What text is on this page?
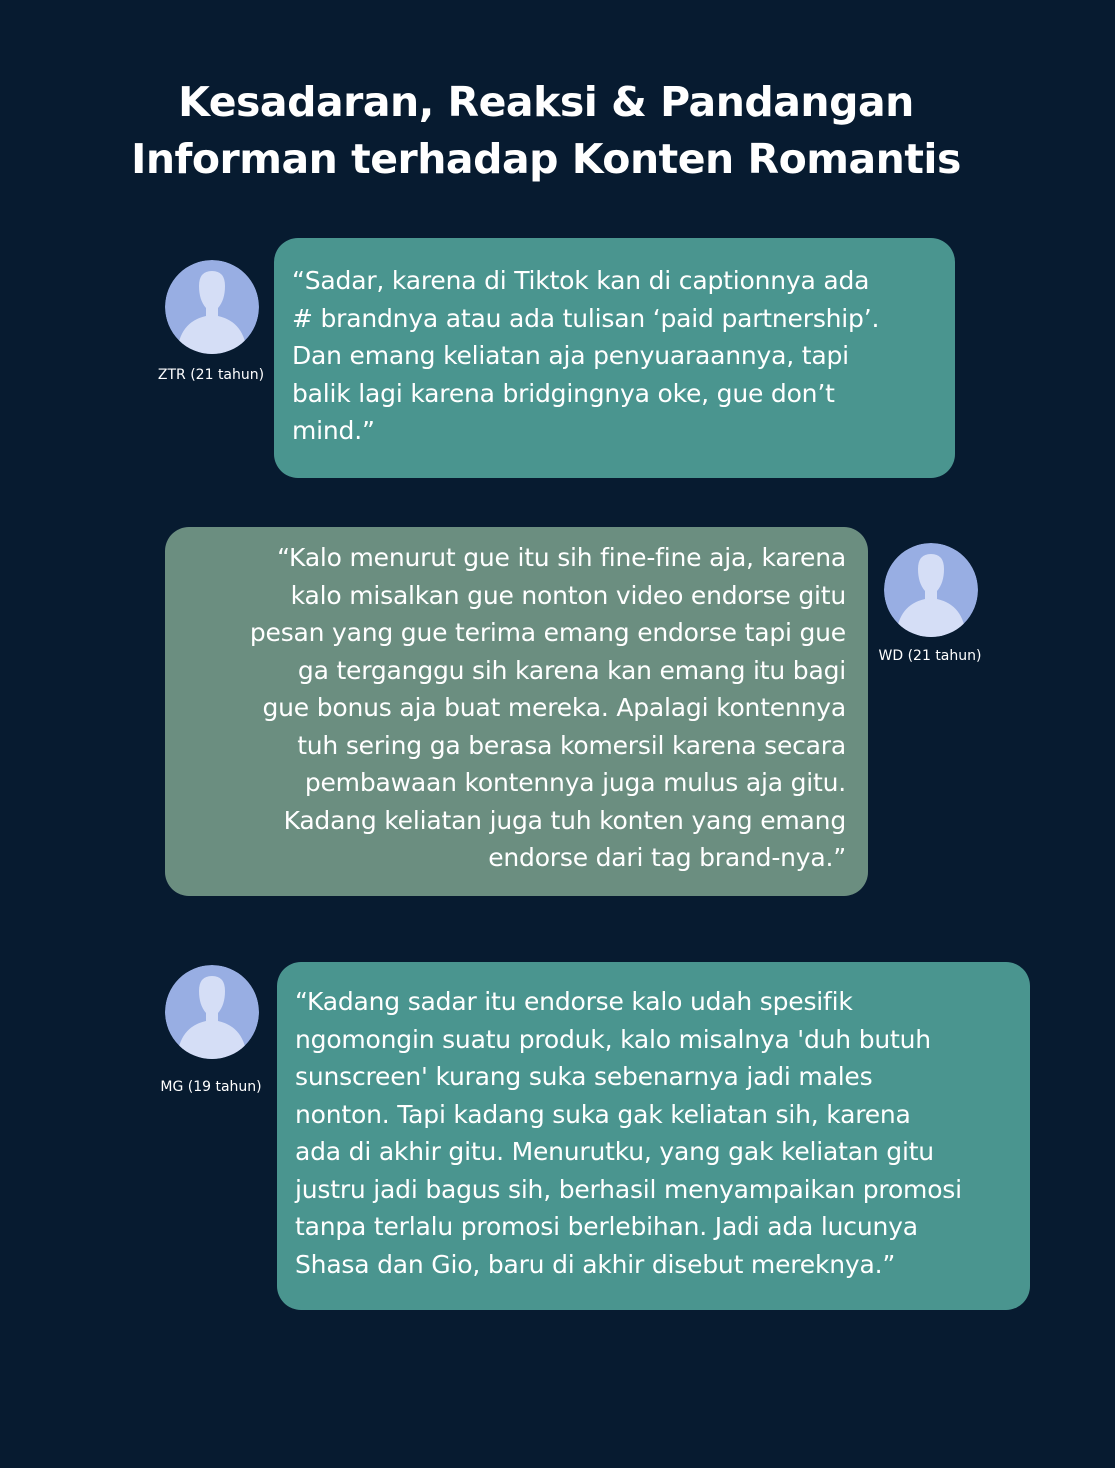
Kesadaran, Reaksi & Pandangan
Informan terhadap Konten Romantis
ZTR (21 tahun)
“Sadar, karena di Tiktok kan di captionnya ada
# brandnya atau ada tulisan ‘paid partnership’.
Dan emang keliatan aja penyuaraannya, tapi
balik lagi karena bridgingnya oke, gue don’t
mind.”
WD (21 tahun)
“Kalo menurut gue itu sih fine-fine aja, karena
kalo misalkan gue nonton video endorse gitu
pesan yang gue terima emang endorse tapi gue
ga terganggu sih karena kan emang itu bagi
gue bonus aja buat mereka. Apalagi kontennya
tuh sering ga berasa komersil karena secara
pembawaan kontennya juga mulus aja gitu.
Kadang keliatan juga tuh konten yang emang
endorse dari tag brand-nya.”
MG (19 tahun)
“Kadang sadar itu endorse kalo udah spesifik
ngomongin suatu produk, kalo misalnya 'duh butuh
sunscreen' kurang suka sebenarnya jadi males
nonton. Tapi kadang suka gak keliatan sih, karena
ada di akhir gitu. Menurutku, yang gak keliatan gitu
justru jadi bagus sih, berhasil menyampaikan promosi
tanpa terlalu promosi berlebihan. Jadi ada lucunya
Shasa dan Gio, baru di akhir disebut mereknya.”
